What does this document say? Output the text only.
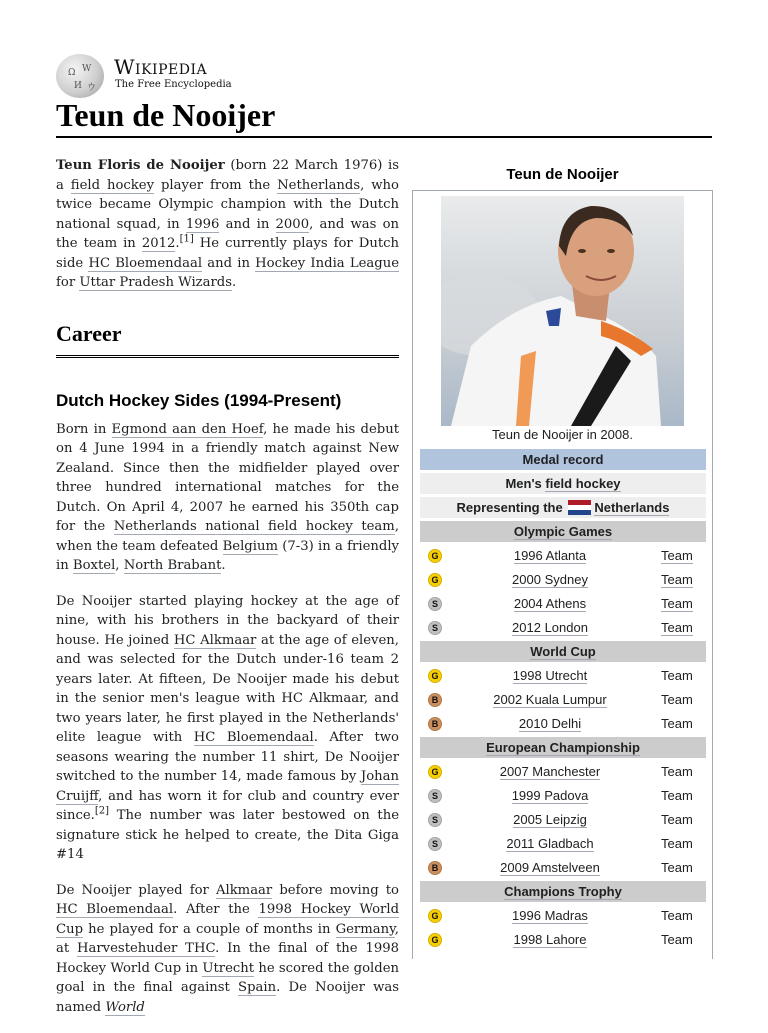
Ω W
И ウ
Wikipedia
The Free Encyclopedia
Teun de Nooijer

Teun Floris de Nooijer (born 22 March 1976) is a field hockey player from the Netherlands, who twice became Olympic champion with the Dutch national squad, in 1996 and in 2000, and was on the team in 2012.[1] He currently plays for Dutch side HC Bloemendaal and in Hockey India League for Uttar Pradesh Wizards.

Career
Dutch Hockey Sides (1994-Present)

Born in Egmond aan den Hoef, he made his debut on 4 June 1994 in a friendly match against New Zealand. Since then the midfielder played over three hundred international matches for the Dutch. On April 4, 2007 he earned his 350th cap for the Netherlands national field hockey team, when the team defeated Belgium (7-3) in a friendly in Boxtel, North Brabant.

De Nooijer started playing hockey at the age of nine, with his brothers in the backyard of their house. He joined HC Alkmaar at the age of eleven, and was selected for the Dutch under-16 team 2 years later. At fifteen, De Nooijer made his debut in the senior men's league with HC Alkmaar, and two years later, he first played in the Netherlands' elite league with HC Bloemendaal. After two seasons wearing the number 11 shirt, De Nooijer switched to the number 14, made famous by Johan Cruijff, and has worn it for club and country ever since.[2] The number was later bestowed on the signature stick he helped to create, the Dita Giga #14

De Nooijer played for Alkmaar before moving to HC Bloemendaal. After the 1998 Hockey World Cup he played for a couple of months in Germany, at Harvestehuder THC. In the final of the 1998 Hockey World Cup in Utrecht he scored the golden goal in the final against Spain. De Nooijer was named World

Teun de Nooijer
Teun de Nooijer in 2008.
Medal record
Men's field hockey
Representing the Netherlands
Olympic Games
G	1996 Atlanta	Team
G	2000 Sydney	Team
S	2004 Athens	Team
S	2012 London	Team
World Cup
G	1998 Utrecht	Team
B	2002 Kuala Lumpur	Team
B	2010 Delhi	Team
European Championship
G	2007 Manchester	Team
S	1999 Padova	Team
S	2005 Leipzig	Team
S	2011 Gladbach	Team
B	2009 Amstelveen	Team
Champions Trophy
G	1996 Madras	Team
G	1998 Lahore	Team
